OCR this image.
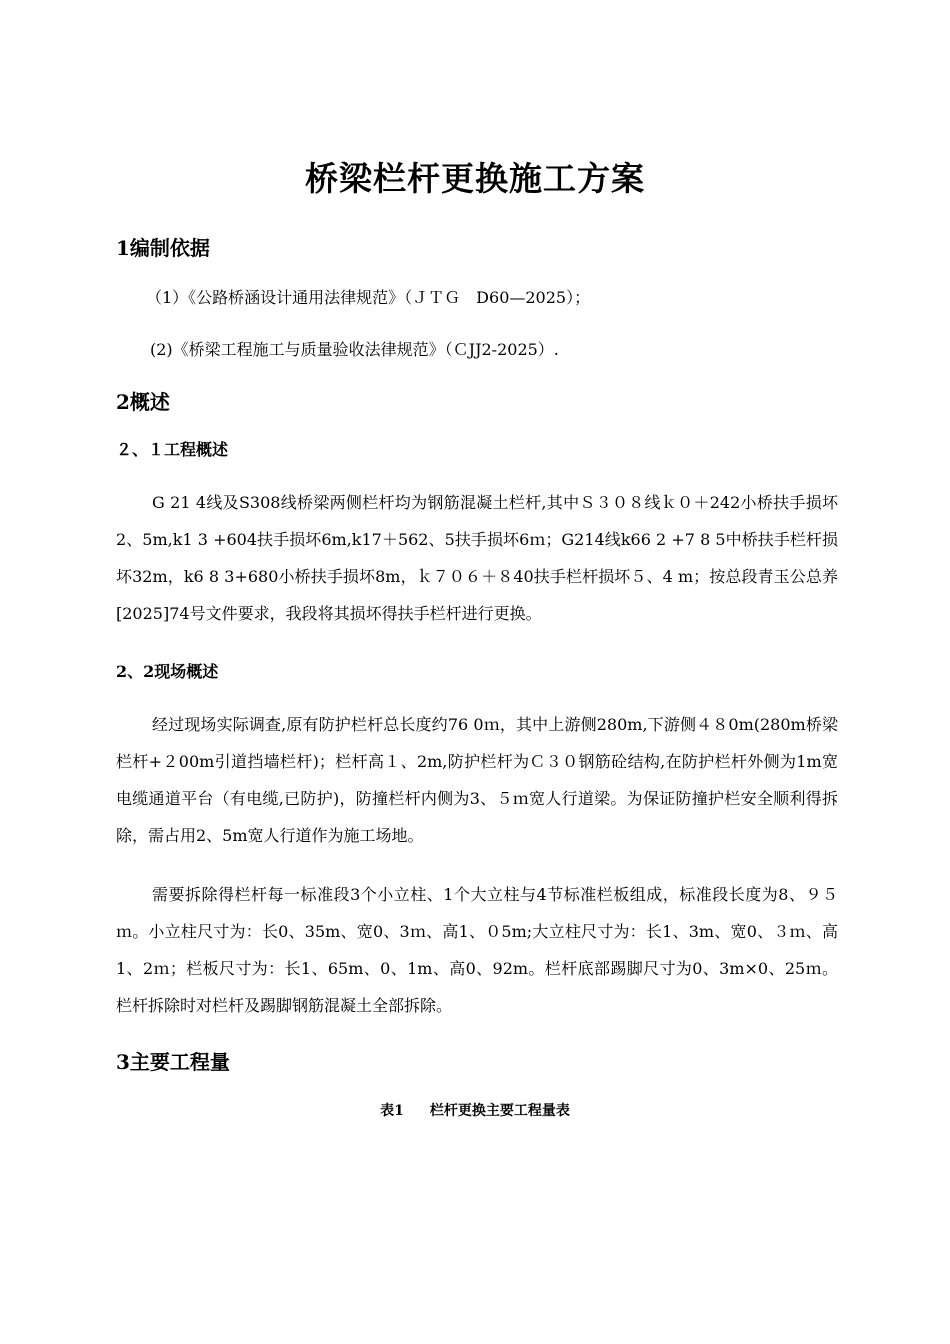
桥梁栏杆更换施工方案
1编制依据
（1）《公路桥涵设计通用法律规范》（ＪＴＧ　D60—2025）；
(2)《桥梁工程施工与质量验收法律规范》（ＣJJ2-2025）.
2概述
２、１工程概述
G 21 4线及S308线桥梁两侧栏杆均为钢筋混凝土栏杆,其中Ｓ３０８线ｋ０＋242小桥扶手损坏2、5m,k1 3 +604扶手损坏6m,k17＋562、5扶手损坏6ｍ；G214线k66 2 +7 8 5中桥扶手栏杆损坏32m，k6 8 3+680小桥扶手损坏8m，ｋ７０６＋８40扶手栏杆损坏５、4 m；按总段青玉公总养[2025]74号文件要求，我段将其损坏得扶手栏杆进行更换。
2、2现场概述
经过现场实际调查,原有防护栏杆总长度约76 0ｍ，其中上游侧280m,下游侧４８0m(280m桥梁栏杆+２00m引道挡墙栏杆)；栏杆高１、2m,防护栏杆为Ｃ３０钢筋砼结构,在防护栏杆外侧为1m宽电缆通道平台（有电缆,已防护)，防撞栏杆内侧为3、５ｍ宽人行道梁。为保证防撞护栏安全顺利得拆除，需占用2、5m宽人行道作为施工场地。
需要拆除得栏杆每一标准段3个小立柱、1个大立柱与4节标准栏板组成，标准段长度为8、９５ｍ。小立柱尺寸为：长0、35m、宽0、3ｍ、高1、０5m;大立柱尺寸为：长1、3m、宽0、３ｍ、高1、2ｍ；栏板尺寸为：长1、65m、0、1m、高0、92m。栏杆底部踢脚尺寸为0、3m×0、25ｍ。栏杆拆除时对栏杆及踢脚钢筋混凝土全部拆除。
3主要工程量
表1 栏杆更换主要工程量表
